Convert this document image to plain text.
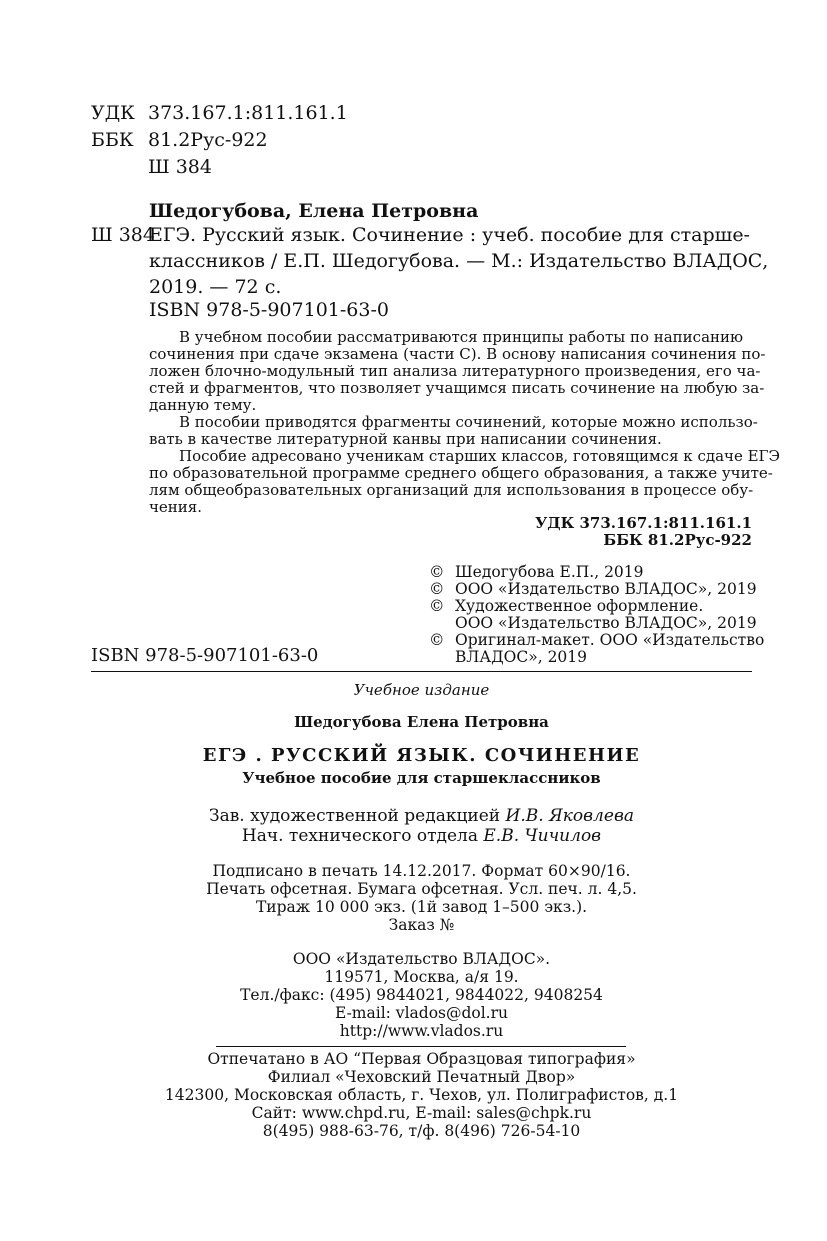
УДК 373.167.1:811.161.1
ББК 81.2Рус-922
Ш 384
Шедогубова, Елена Петровна
Ш 384
ЕГЭ. Русский язык. Сочинение : учеб. пособие для старше-
классников / Е.П. Шедогубова. — М.: Издательство ВЛАДОС,
2019. — 72 с.
ISBN 978-5-907101-63-0
В учебном пособии рассматриваются принципы работы по написанию
сочинения при сдаче экзамена (части С). В основу написания сочинения по-
ложен блочно-модульный тип анализа литературного произведения, его ча-
стей и фрагментов, что позволяет учащимся писать сочинение на любую за-
данную тему.
В пособии приводятся фрагменты сочинений, которые можно использо-
вать в качестве литературной канвы при написании сочинения.
Пособие адресовано ученикам старших классов, готовящимся к сдаче ЕГЭ
по образовательной программе среднего общего образования, а также учите-
лям общеобразовательных организаций для использования в процессе обу-
чения.
УДК 373.167.1:811.161.1
ББК 81.2Рус-922
© Шедогубова Е.П., 2019
© ООО «Издательство ВЛАДОС», 2019
© Художественное оформление.
ООО «Издательство ВЛАДОС», 2019
© Оригинал-макет. ООО «Издательство
ВЛАДОС», 2019
ISBN 978-5-907101-63-0
Учебное издание
Шедогубова Елена Петровна
ЕГЭ . РУССКИЙ ЯЗЫК. СОЧИНЕНИЕ
Учебное пособие для старшеклассников
Зав. художественной редакцией И.В. Яковлева
Нач. технического отдела Е.В. Чичилов
Подписано в печать 14.12.2017. Формат 60×90/16.
Печать офсетная. Бумага офсетная. Усл. печ. л. 4,5.
Тираж 10 000 экз. (1й завод 1–500 экз.).
Заказ №
ООО «Издательство ВЛАДОС».
119571, Москва, а/я 19.
Тел./факс: (495) 9844021, 9844022, 9408254
E-mail: vlados@dol.ru
http://www.vlados.ru
Отпечатано в АО “Первая Образцовая типография»
Филиал «Чеховский Печатный Двор»
142300, Московская область, г. Чехов, ул. Полиграфистов, д.1
Сайт: www.chpd.ru, E-mail: sales@chpk.ru
8(495) 988-63-76, т/ф. 8(496) 726-54-10
